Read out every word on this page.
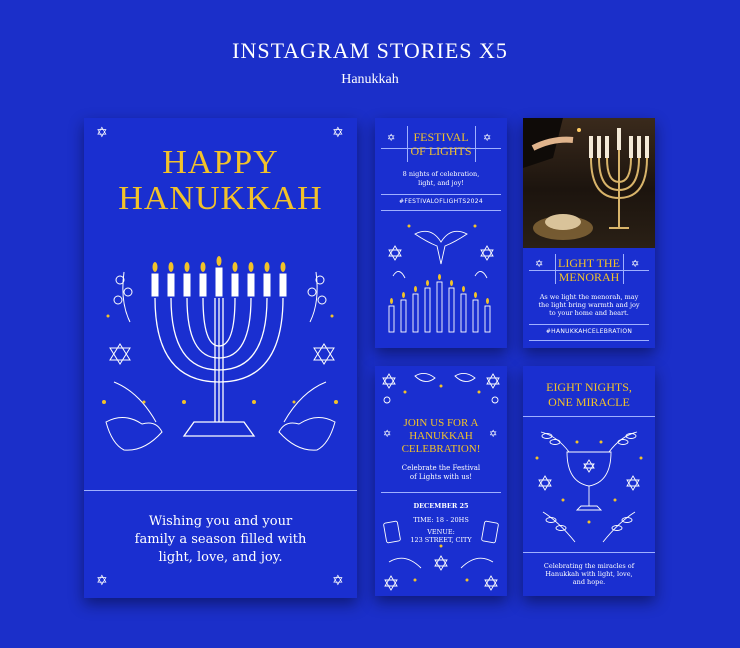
INSTAGRAM STORIES X5
Hanukkah
✡	✡
HAPPY
HANUKKAH
Wishing you and your
family a season filled with
light, love, and joy.
✡	✡
✡	✡
FESTIVAL
OF LIGHTS
8 nights of celebration,
light, and joy!
#FESTIVALOFLIGHTS2024
✡	✡
LIGHT THE
MENORAH
As we light the menorah, may
the light bring warmth and joy
to your home and heart.
#HANUKKAHCELEBRATION
JOIN US FOR A
HANUKKAH
CELEBRATION!
✡	✡
Celebrate the Festival
of Lights with us!
DECEMBER 25
TIME: 18 - 20HS
VENUE:
123 STREET, CITY
EIGHT NIGHTS,
ONE MIRACLE
Celebrating the miracles of
Hanukkah with light, love,
and hope.
